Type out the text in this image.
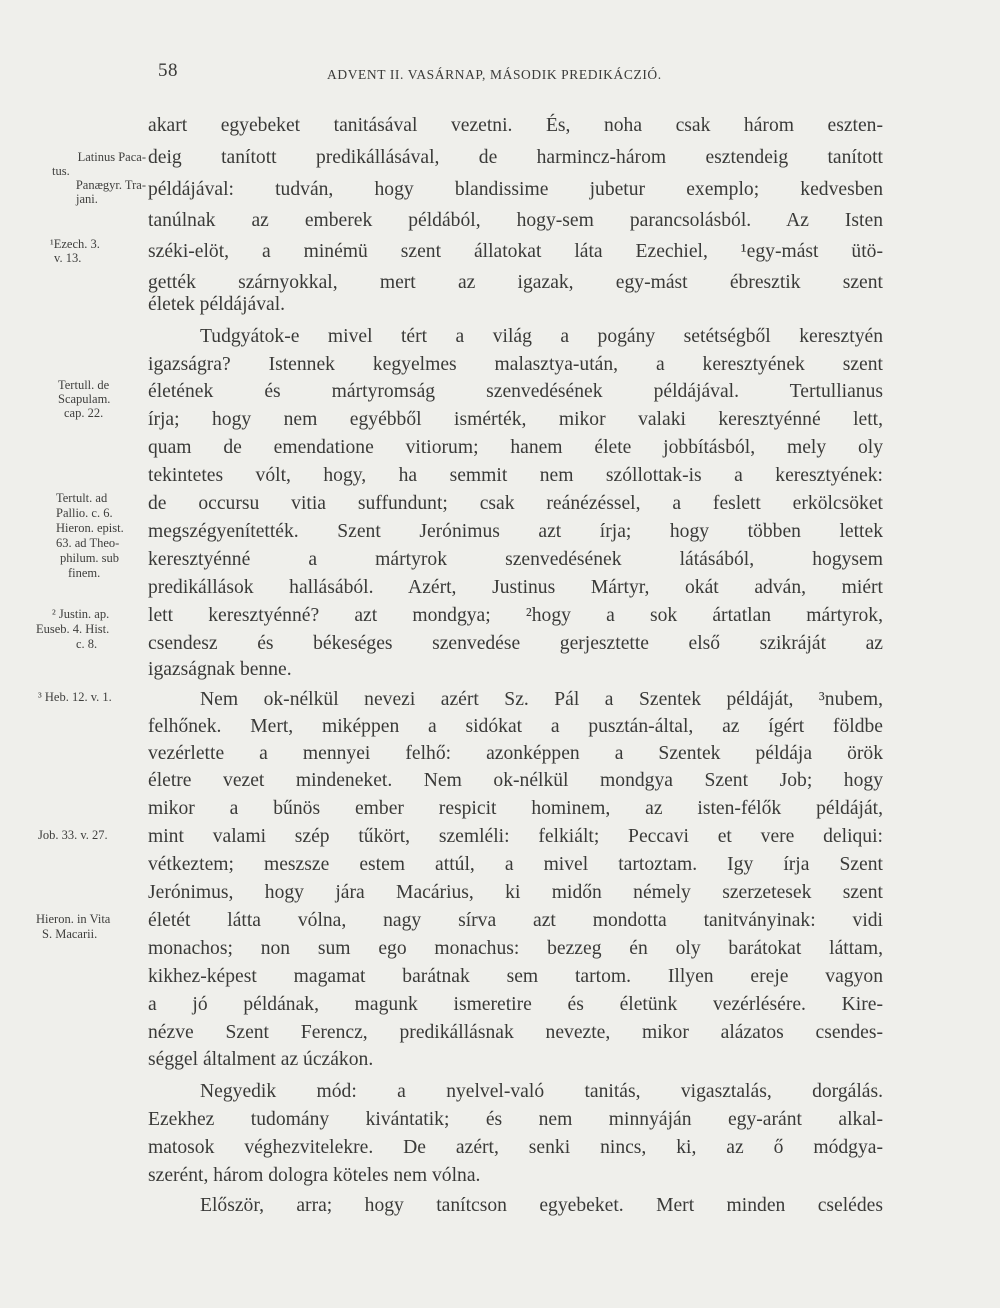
58	ADVENT II. VASÁRNAP, MÁSODIK PREDIKÁCZIÓ.
akart egyebeket tanitásával vezetni. És, noha csak három eszten-
deig tanított predikállásával, de harmincz-három esztendeig tanított
példájával: tudván, hogy blandissime jubetur exemplo; kedvesben
tanúlnak az emberek példából, hogy-sem parancsolásból. Az Isten
széki-elöt, a minémü szent állatokat láta Ezechiel, ¹egy-mást ütö-
gették szárnyokkal, mert az igazak, egy-mást ébresztik szent
életek példájával.
Tudgyátok-e mivel tért a világ a pogány setétségből keresztyén
igazságra? Istennek kegyelmes malasztya-után, a keresztyének szent
életének és mártyromság szenvedésének példájával. Tertullianus
írja; hogy nem egyébből ismérték, mikor valaki keresztyénné lett,
quam de emendatione vitiorum; hanem élete jobbításból, mely oly
tekintetes vólt, hogy, ha semmit nem szóllottak-is a keresztyének:
de occursu vitia suffundunt; csak reánézéssel, a feslett erkölcsöket
megszégyenítették. Szent Jerónimus azt írja; hogy többen lettek
keresztyénné a mártyrok szenvedésének látásából, hogysem
predikállások hallásából. Azért, Justinus Mártyr, okát adván, miért
lett keresztyénné? azt mondgya; ²hogy a sok ártatlan mártyrok,
csendesz és békeséges szenvedése gerjesztette első szikráját az
igazságnak benne.
Nem ok-nélkül nevezi azért Sz. Pál a Szentek példáját, ³nubem,
felhőnek. Mert, miképpen a sidókat a pusztán-által, az ígért földbe
vezérlette a mennyei felhő: azonképpen a Szentek példája örök
életre vezet mindeneket. Nem ok-nélkül mondgya Szent Job; hogy
mikor a bűnös ember respicit hominem, az isten-félők példáját,
mint valami szép tűkört, szemléli: felkiált; Peccavi et vere deliqui:
vétkeztem; meszsze estem attúl, a mivel tartoztam. Igy írja Szent
Jerónimus, hogy jára Macárius, ki midőn némely szerzetesek szent
életét látta vólna, nagy sírva azt mondotta tanitványinak: vidi
monachos; non sum ego monachus: bezzeg én oly barátokat láttam,
kikhez-képest magamat barátnak sem tartom. Illyen ereje vagyon
a jó példának, magunk ismeretire és életünk vezérlésére. Kire-
nézve Szent Ferencz, predikállásnak nevezte, mikor alázatos csendes-
séggel általment az úczákon.
Negyedik mód: a nyelvel-való tanitás, vigasztalás, dorgálás.
Ezekhez tudomány kivántatik; és nem minnyáján egy-aránt alkal-
matosok véghezvitelekre. De azért, senki nincs, ki, az ő módgya-
szerént, három dologra köteles nem vólna.
Először, arra; hogy tanítcson egyebeket. Mert minden cselédes
Latinus Paca-
tus.
Panægyr. Tra-
jani.
¹Ezech. 3.
v. 13.
Tertull. de
Scapulam.
cap. 22.
Tertult. ad
Pallio. c. 6.
Hieron. epist.
63. ad Theo-
philum. sub
finem.
² Justin. ap.
Euseb. 4. Hist.
c. 8.
³ Heb. 12. v. 1.
Job. 33. v. 27.
Hieron. in Vita
S. Macarii.
